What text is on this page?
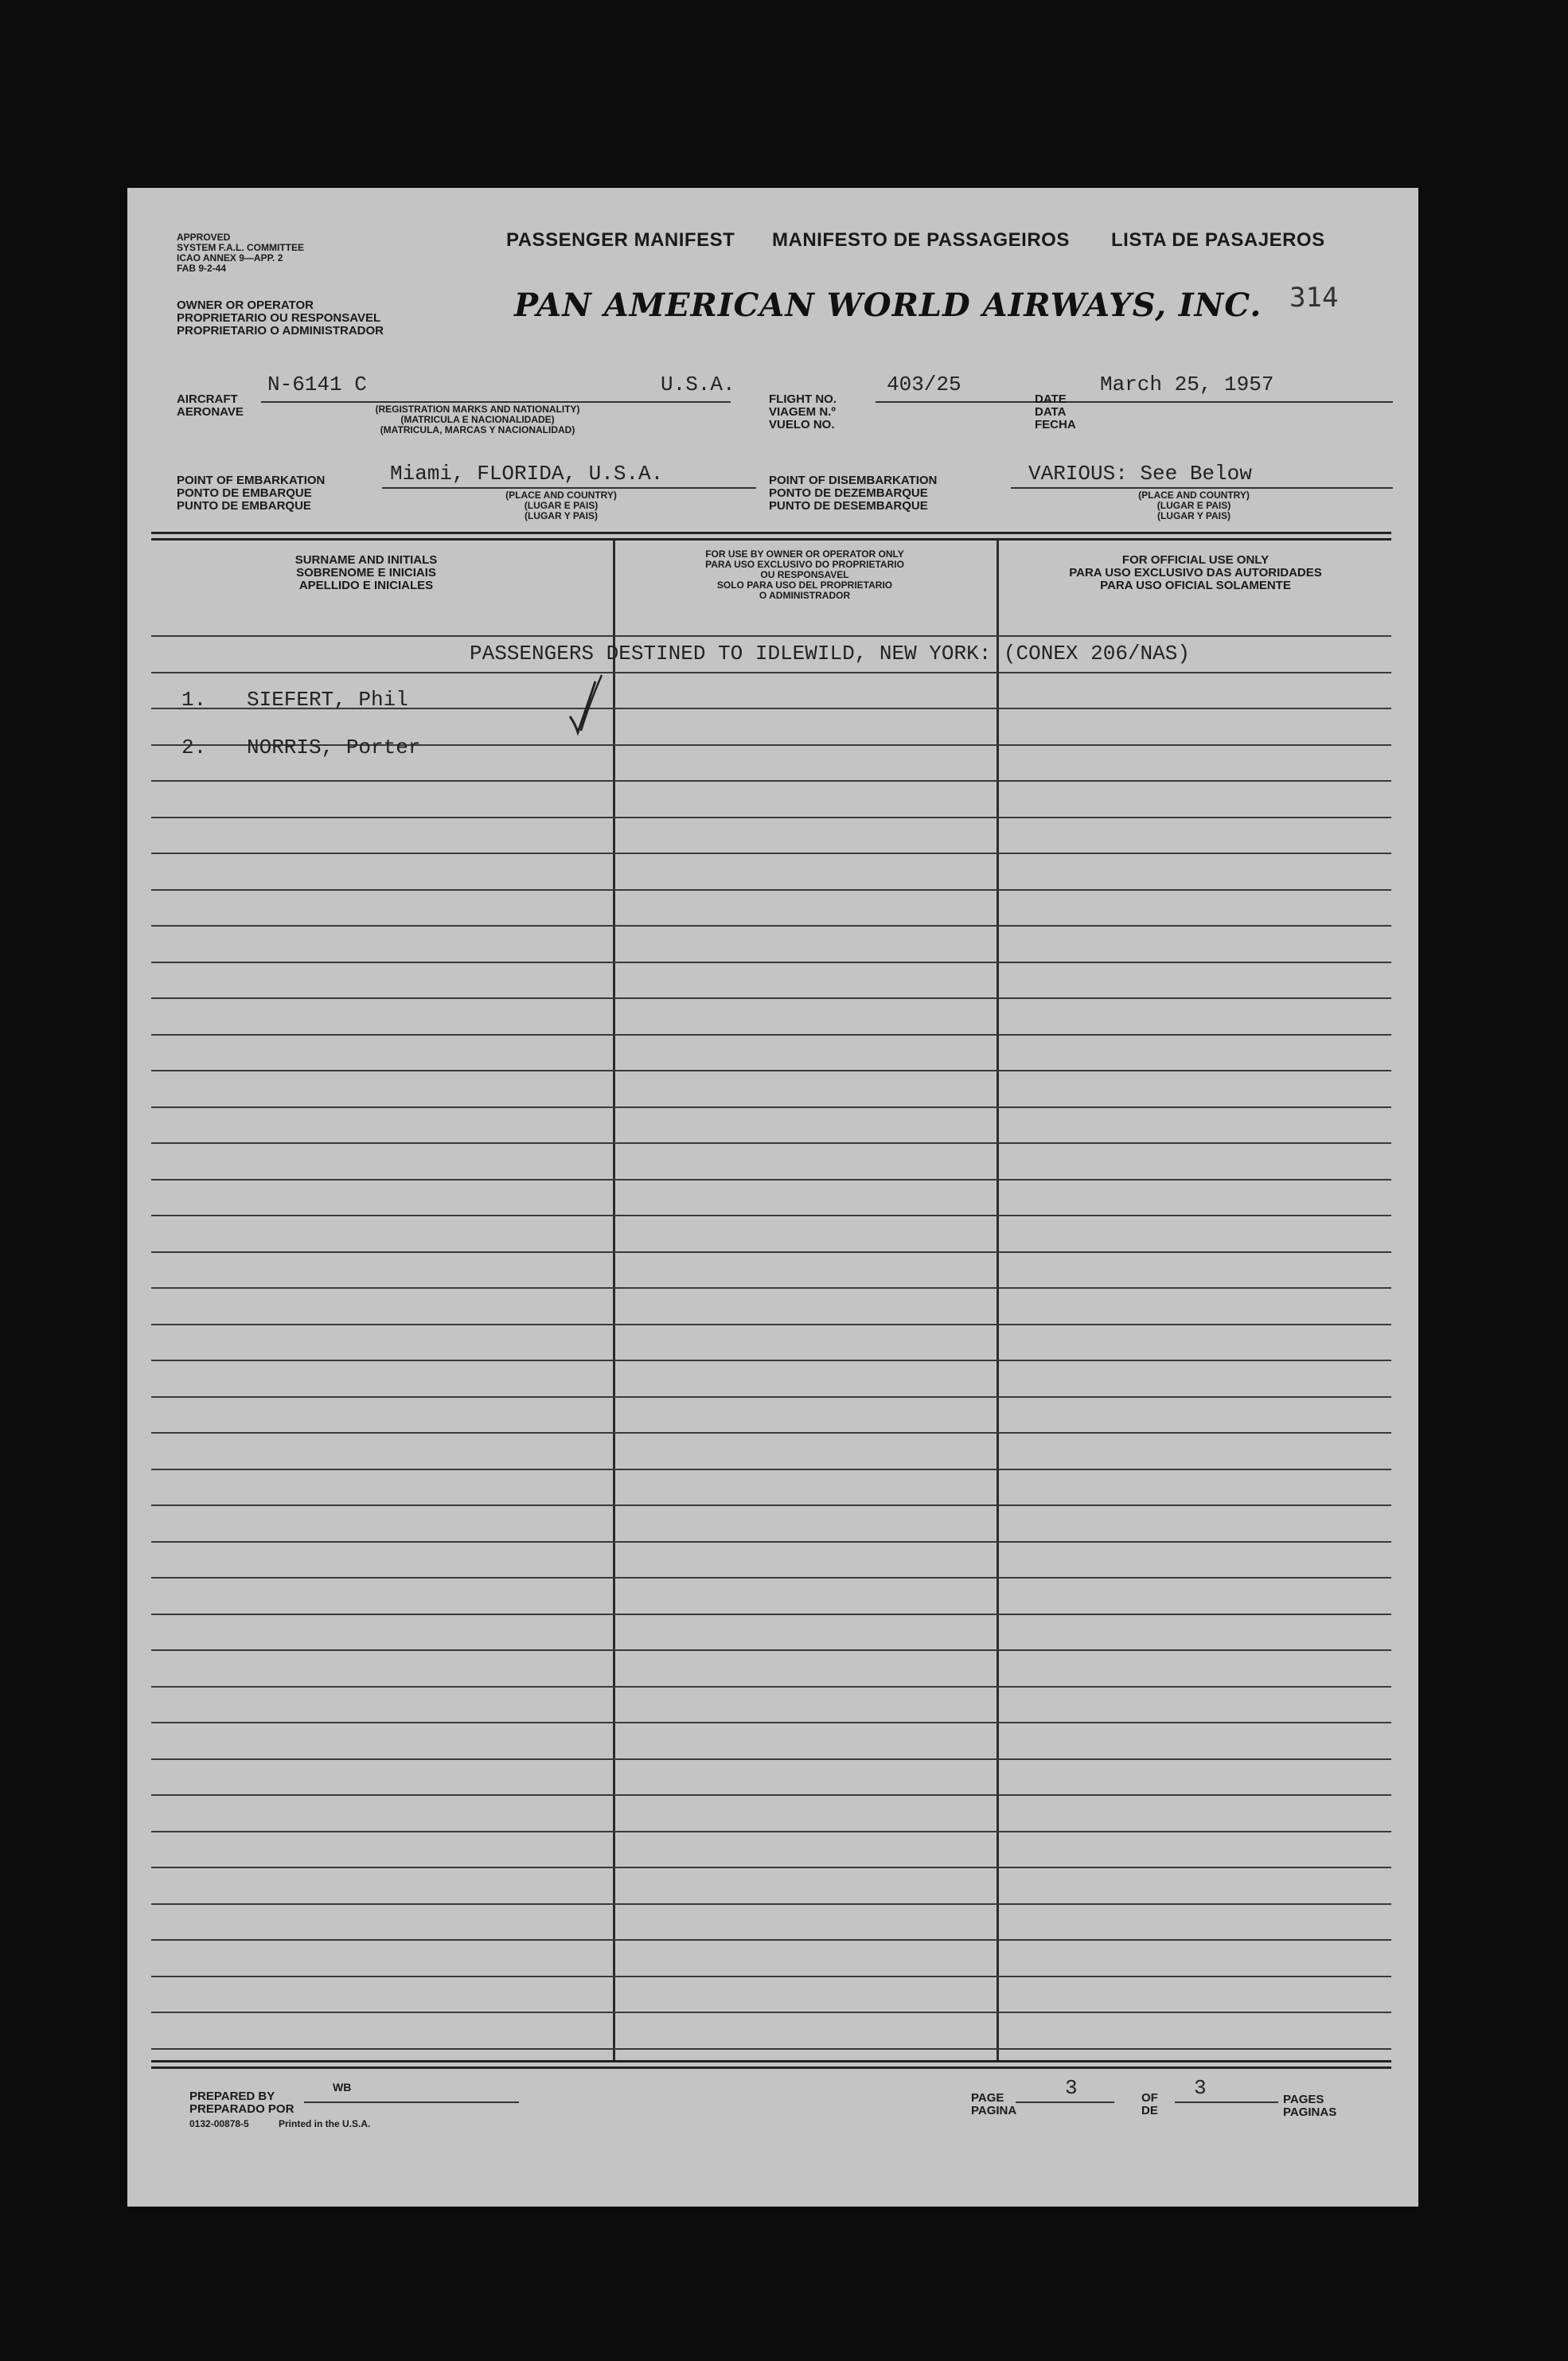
APPROVED
SYSTEM F.A.L. COMMITTEE
ICAO ANNEX 9—APP. 2
FAB 9-2-44
PASSENGER MANIFEST MANIFESTO DE PASSAGEIROS LISTA DE PASAJEROS
OWNER OR OPERATOR
PROPRIETARIO OU RESPONSAVEL
PROPRIETARIO O ADMINISTRADOR
PAN AMERICAN WORLD AIRWAYS, INC. 314
AIRCRAFT
AERONAVE
N-6141 C	U.S.A.
(REGISTRATION MARKS AND NATIONALITY)
(MATRICULA E NACIONALIDADE)
(MATRICULA, MARCAS Y NACIONALIDAD)
FLIGHT NO.
VIAGEM N.º
VUELO NO.
403/25
DATE
DATA
FECHA
March 25, 1957
POINT OF EMBARKATION
PONTO DE EMBARQUE
PUNTO DE EMBARQUE
Miami, FLORIDA, U.S.A.
(PLACE AND COUNTRY)
(LUGAR E PAIS)
(LUGAR Y PAIS)
POINT OF DISEMBARKATION
PONTO DE DEZEMBARQUE
PUNTO DE DESEMBARQUE
VARIOUS: See Below
(PLACE AND COUNTRY)
(LUGAR E PAIS)
(LUGAR Y PAIS)
SURNAME AND INITIALS
SOBRENOME E INICIAIS
APELLIDO E INICIALES
FOR USE BY OWNER OR OPERATOR ONLY
PARA USO EXCLUSIVO DO PROPRIETARIO
OU RESPONSAVEL
SOLO PARA USO DEL PROPRIETARIO
O ADMINISTRADOR
FOR OFFICIAL USE ONLY
PARA USO EXCLUSIVO DAS AUTORIDADES
PARA USO OFICIAL SOLAMENTE
PASSENGERS DESTINED TO IDLEWILD, NEW YORK: (CONEX 206/NAS)
1. SIEFERT, Phil
2. NORRIS, Porter
PREPARED BY
PREPARADO POR
WB
0132-00878-5	Printed in the U.S.A.
PAGE
PAGINA
3	OF
DE
3	PAGES
PAGINAS
